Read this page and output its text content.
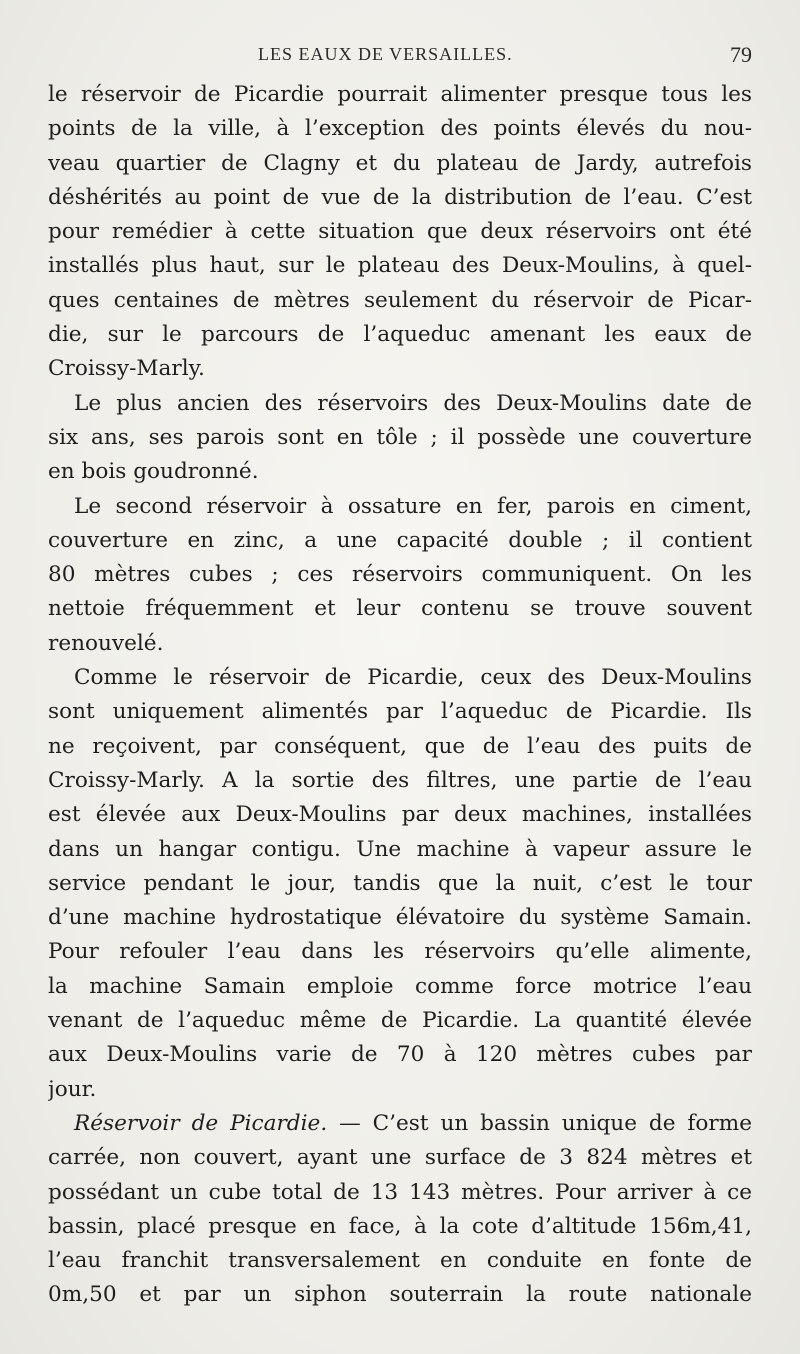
LES EAUX DE VERSAILLES.	79

le réservoir de Picardie pourrait alimenter presque tous les
points de la ville, à l’exception des points élevés du nou-
veau quartier de Clagny et du plateau de Jardy, autrefois
déshérités au point de vue de la distribution de l’eau. C’est
pour remédier à cette situation que deux réservoirs ont été
installés plus haut, sur le plateau des Deux-Moulins, à quel-
ques centaines de mètres seulement du réservoir de Picar-
die, sur le parcours de l’aqueduc amenant les eaux de
Croissy-Marly.

Le plus ancien des réservoirs des Deux-Moulins date de
six ans, ses parois sont en tôle ; il possède une couverture
en bois goudronné.

Le second réservoir à ossature en fer, parois en ciment,
couverture en zinc, a une capacité double ; il contient
80 mètres cubes ; ces réservoirs communiquent. On les
nettoie fréquemment et leur contenu se trouve souvent
renouvelé.

Comme le réservoir de Picardie, ceux des Deux-Moulins
sont uniquement alimentés par l’aqueduc de Picardie. Ils
ne reçoivent, par conséquent, que de l’eau des puits de
Croissy-Marly. A la sortie des filtres, une partie de l’eau
est élevée aux Deux-Moulins par deux machines, installées
dans un hangar contigu. Une machine à vapeur assure le
service pendant le jour, tandis que la nuit, c’est le tour
d’une machine hydrostatique élévatoire du système Samain.
Pour refouler l’eau dans les réservoirs qu’elle alimente,
la machine Samain emploie comme force motrice l’eau
venant de l’aqueduc même de Picardie. La quantité élevée
aux Deux-Moulins varie de 70 à 120 mètres cubes par
jour.

Réservoir de Picardie. — C’est un bassin unique de forme
carrée, non couvert, ayant une surface de 3 824 mètres et
possédant un cube total de 13 143 mètres. Pour arriver à ce
bassin, placé presque en face, à la cote d’altitude 156m,41,
l’eau franchit transversalement en conduite en fonte de
0m,50 et par un siphon souterrain la route nationale
